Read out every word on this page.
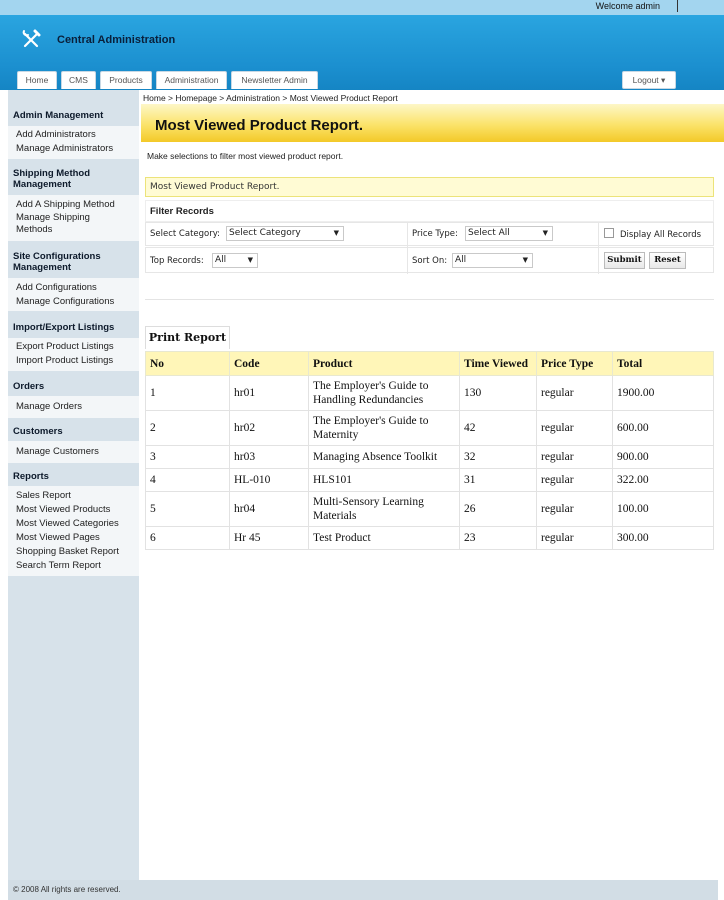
Welcome admin
Central Administration
Home	CMS	Products	Administration	Newsletter Admin	Logout ▾
Admin Management
Add Administrators
Manage Administrators
Shipping Method Management
Add A Shipping Method
Manage Shipping Methods
Site Configurations Management
Add Configurations
Manage Configurations
Import/Export Listings
Export Product Listings
Import Product Listings
Orders
Manage Orders
Customers
Manage Customers
Reports
Sales Report
Most Viewed Products
Most Viewed Categories
Most Viewed Pages
Shopping Basket Report
Search Term Report
Home > Homepage > Administration > Most Viewed Product Report
Most Viewed Product Report.
Make selections to filter most viewed product report.
Most Viewed Product Report.
Filter Records
Select Category:	Select Category	▼	Price Type:	Select All	▼	Display All Records
Top Records:	All	▼	Sort On: All	▼	Submit	Reset
Print Report
No	Code	Product	Time Viewed	Price Type	Total
1	hr01	The Employer's Guide to Handling Redundancies	130	regular	1900.00
2	hr02	The Employer's Guide to Maternity	42	regular	600.00
3	hr03	Managing Absence Toolkit	32	regular	900.00
4	HL-010	HLS101	31	regular	322.00
5	hr04	Multi-Sensory Learning Materials	26	regular	100.00
6	Hr 45	Test Product	23	regular	300.00
© 2008 All rights are reserved.
